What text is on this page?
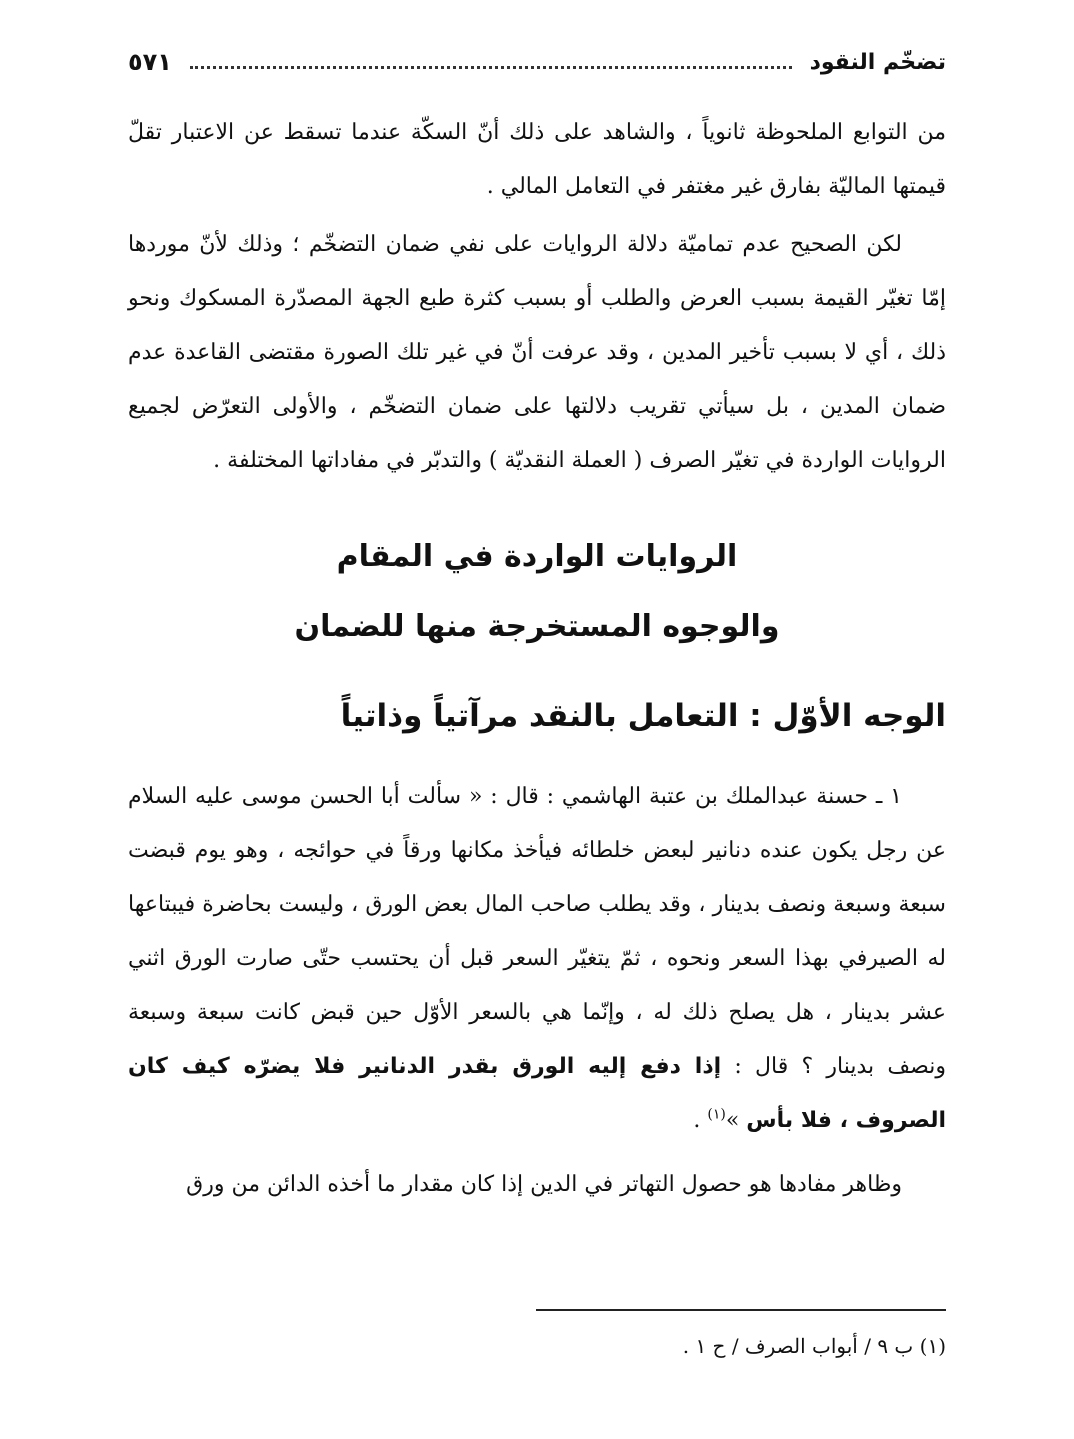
تضخّم النقود
٥٧١

من التوابع الملحوظة ثانوياً ، والشاهد على ذلك أنّ السكّة عندما تسقط عن الاعتبار تقلّ قيمتها الماليّة بفارق غير مغتفر في التعامل المالي .

لكن الصحيح عدم تماميّة دلالة الروايات على نفي ضمان التضخّم ؛ وذلك لأنّ موردها إمّا تغيّر القيمة بسبب العرض والطلب أو بسبب كثرة طبع الجهة المصدّرة المسكوك ونحو ذلك ، أي لا بسبب تأخير المدين ، وقد عرفت أنّ في غير تلك الصورة مقتضى القاعدة عدم ضمان المدين ، بل سيأتي تقريب دلالتها على ضمان التضخّم ، والأولى التعرّض لجميع الروايات الواردة في تغيّر الصرف ( العملة النقديّة ) والتدبّر في مفاداتها المختلفة .

الروايات الواردة في المقام
والوجوه المستخرجة منها للضمان
الوجه الأوّل : التعامل بالنقد مرآتياً وذاتياً

١ ـ حسنة عبدالملك بن عتبة الهاشمي : قال : « سألت أبا الحسن موسى عليه السلام عن رجل يكون عنده دنانير لبعض خلطائه فيأخذ مكانها ورقاً في حوائجه ، وهو يوم قبضت سبعة وسبعة ونصف بدينار ، وقد يطلب صاحب المال بعض الورق ، وليست بحاضرة فيبتاعها له الصيرفي بهذا السعر ونحوه ، ثمّ يتغيّر السعر قبل أن يحتسب حتّى صارت الورق اثني عشر بدينار ، هل يصلح ذلك له ، وإنّما هي بالسعر الأوّل حين قبض كانت سبعة وسبعة ونصف بدينار ؟ قال : إذا دفع إليه الورق بقدر الدنانير فلا يضرّه كيف كان الصروف ، فلا بأس »$^{(١)}$ .

وظاهر مفادها هو حصول التهاتر في الدين إذا كان مقدار ما أخذه الدائن من ورق

(١) ب ٩ / أبواب الصرف / ح ١ .
